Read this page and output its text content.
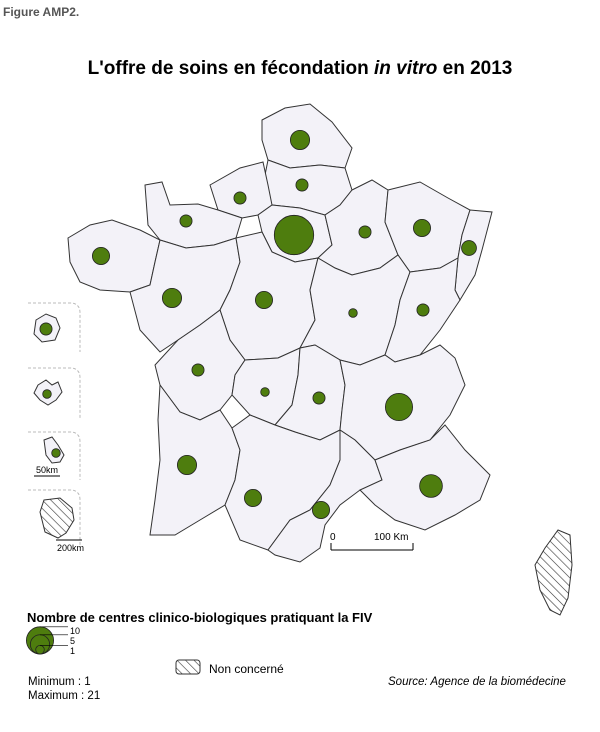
Figure AMP2.
L'offre de soins en fécondation in vitro en 2013
Nombre de centres clinico-biologiques pratiquant la FIV
10
5
1
Minimum : 1
Maximum : 21
Non concerné
Source: Agence de la biomédecine
0	100 Km
50km
200km
